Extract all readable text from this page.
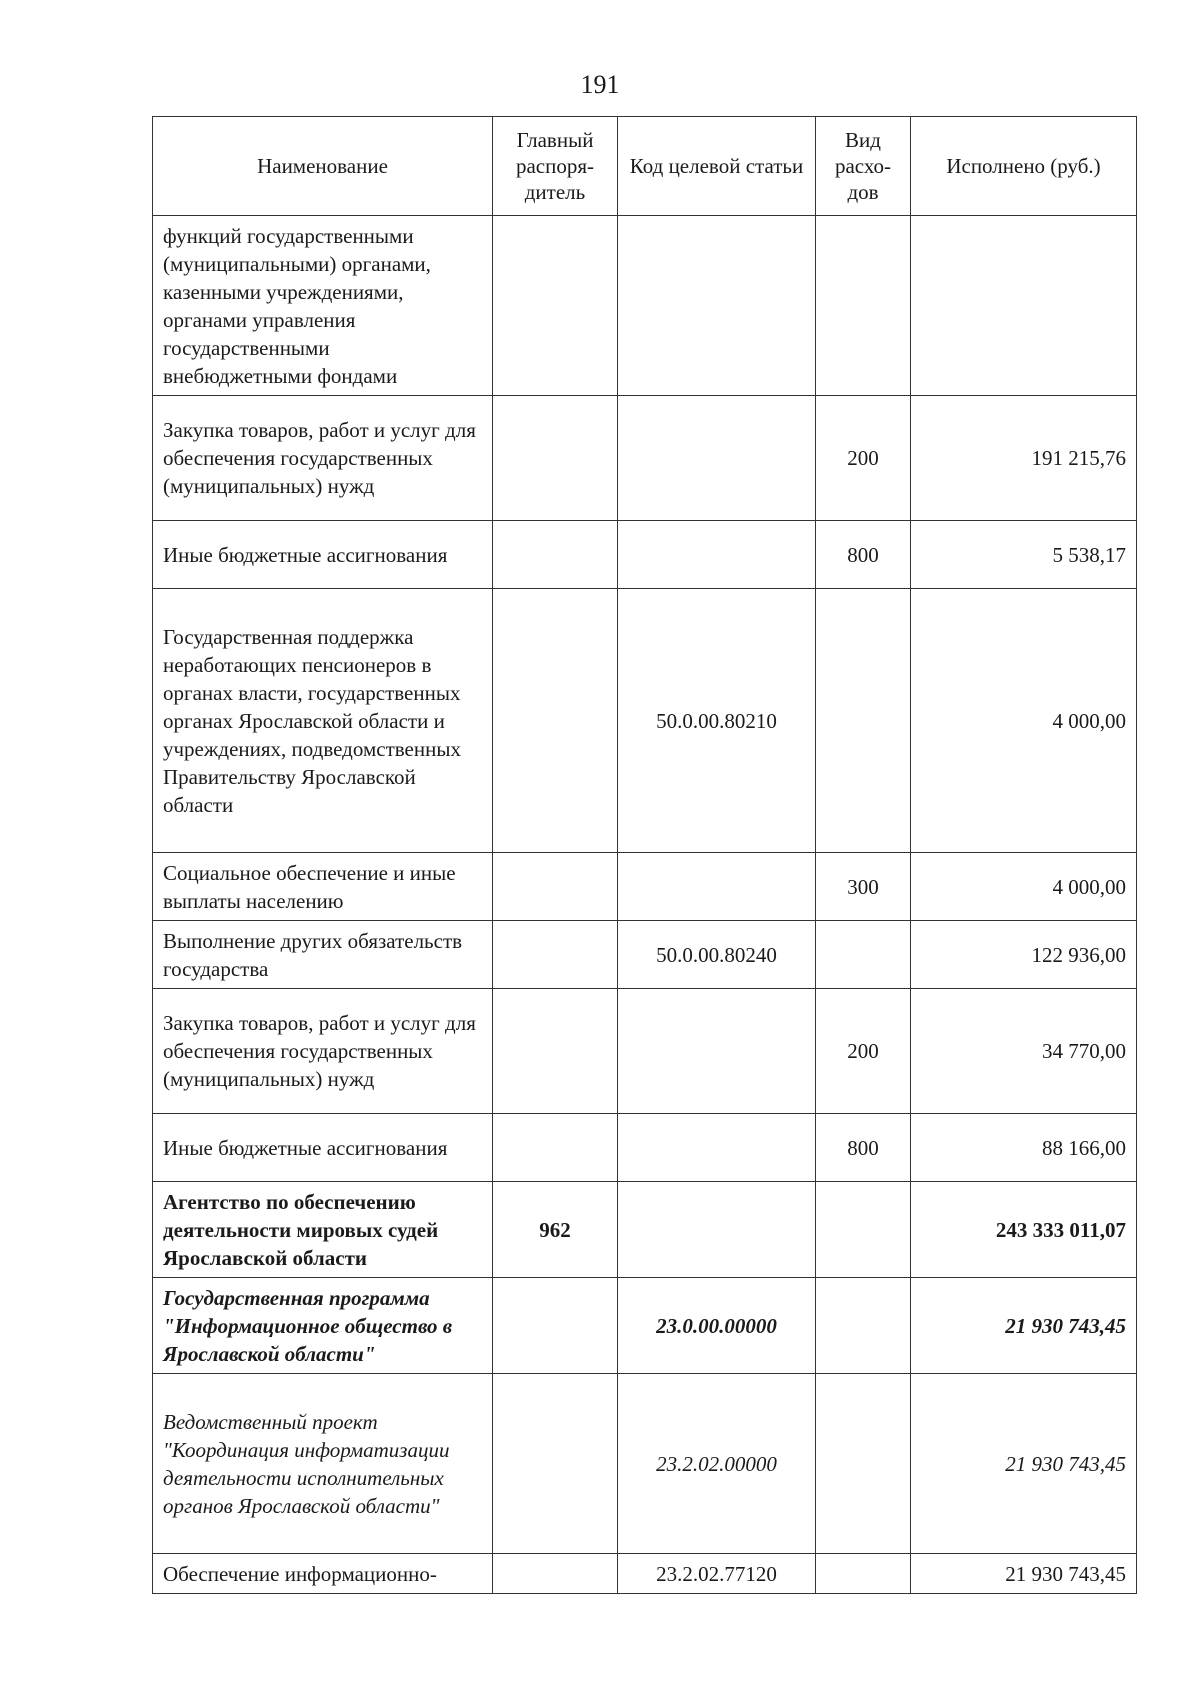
191
Наименование	Главный распоря-дитель	Код целевой статьи	Вид расхо-дов	Исполнено (руб.)
функций государственными (муниципальными) органами, казенными учреждениями, органами управления государственными внебюджетными фондами				
Закупка товаров, работ и услуг для обеспечения государственных (муниципальных) нужд			200	191 215,76
Иные бюджетные ассигнования			800	5 538,17
Государственная поддержка неработающих пенсионеров в органах власти, государственных органах Ярославской области и учреждениях, подведомственных Правительству Ярославской области		50.0.00.80210		4 000,00
Социальное обеспечение и иные выплаты населению			300	4 000,00
Выполнение других обязательств государства		50.0.00.80240		122 936,00
Закупка товаров, работ и услуг для обеспечения государственных (муниципальных) нужд			200	34 770,00
Иные бюджетные ассигнования			800	88 166,00
Агентство по обеспечению деятельности мировых судей Ярославской области	962			243 333 011,07
Государственная программа "Информационное общество в Ярославской области"		23.0.00.00000		21 930 743,45
Ведомственный проект "Координация информатизации деятельности исполнительных органов Ярославской области"		23.2.02.00000		21 930 743,45
Обеспечение информационно-		23.2.02.77120		21 930 743,45
